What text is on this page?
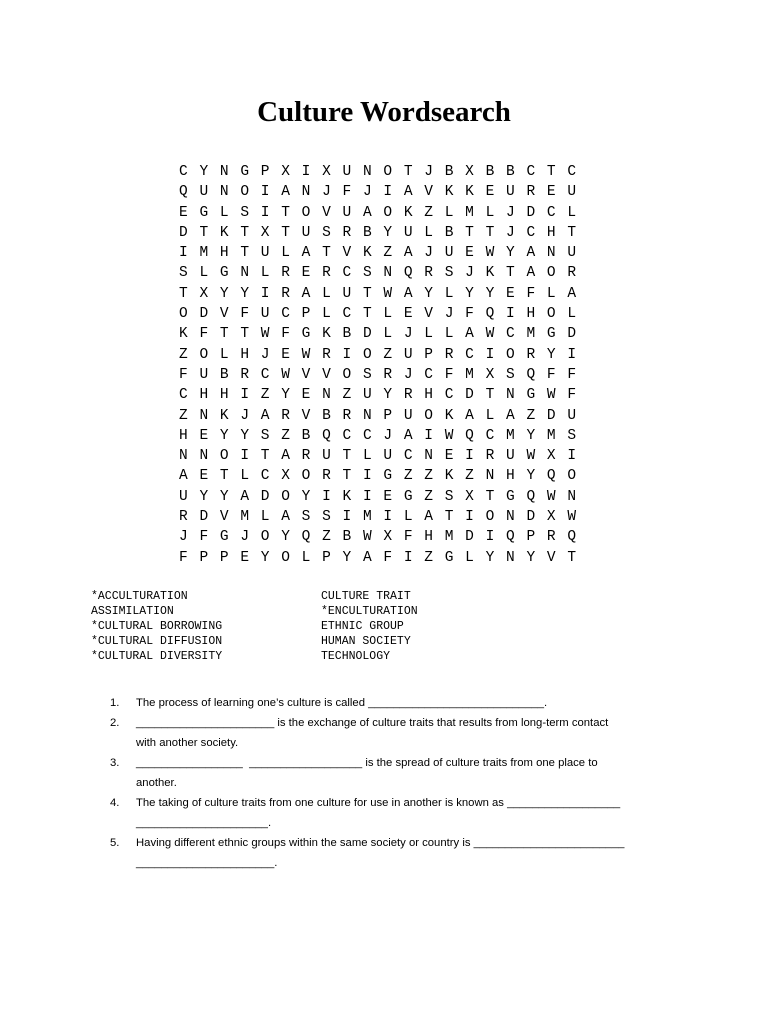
Culture Wordsearch
C Y N G P X I X U N O T J B X B B C T C
Q U N O I A N J F J I A V K K E U R E U
E G L S I T O V U A O K Z L M L J D C L
D T K T X T U S R B Y U L B T T J C H T
I M H T U L A T V K Z A J U E W Y A N U
S L G N L R E R C S N Q R S J K T A O R
T X Y Y I R A L U T W A Y L Y Y E F L A
O D V F U C P L C T L E V J F Q I H O L
K F T T W F G K B D L J L L A W C M G D
Z O L H J E W R I O Z U P R C I O R Y I
F U B R C W V V O S R J C F M X S Q F F
C H H I Z Y E N Z U Y R H C D T N G W F
Z N K J A R V B R N P U O K A L A Z D U
H E Y Y S Z B Q C C J A I W Q C M Y M S
N N O I T A R U T L U C N E I R U W X I
A E T L C X O R T I G Z Z K Z N H Y Q O
U Y Y A D O Y I K I E G Z S X T G Q W N
R D V M L A S S I M I L A T I O N D X W
J F G J O Y Q Z B W X F H M D I Q P R Q
F P P E Y O L P Y A F I Z G L Y N Y V T
*ACCULTURATION
ASSIMILATION
*CULTURAL BORROWING
*CULTURAL DIFFUSION
*CULTURAL DIVERSITY
CULTURE TRAIT
*ENCULTURATION
ETHNIC GROUP
HUMAN SOCIETY
TECHNOLOGY
1. The process of learning one’s culture is called ____________________________.
2. ______________________ is the exchange of culture traits that results from long-term contact
with another society.
3. _________________  __________________ is the spread of culture traits from one place to
another.
4. The taking of culture traits from one culture for use in another is known as __________________
_____________________.
5. Having different ethnic groups within the same society or country is ________________________
______________________.
